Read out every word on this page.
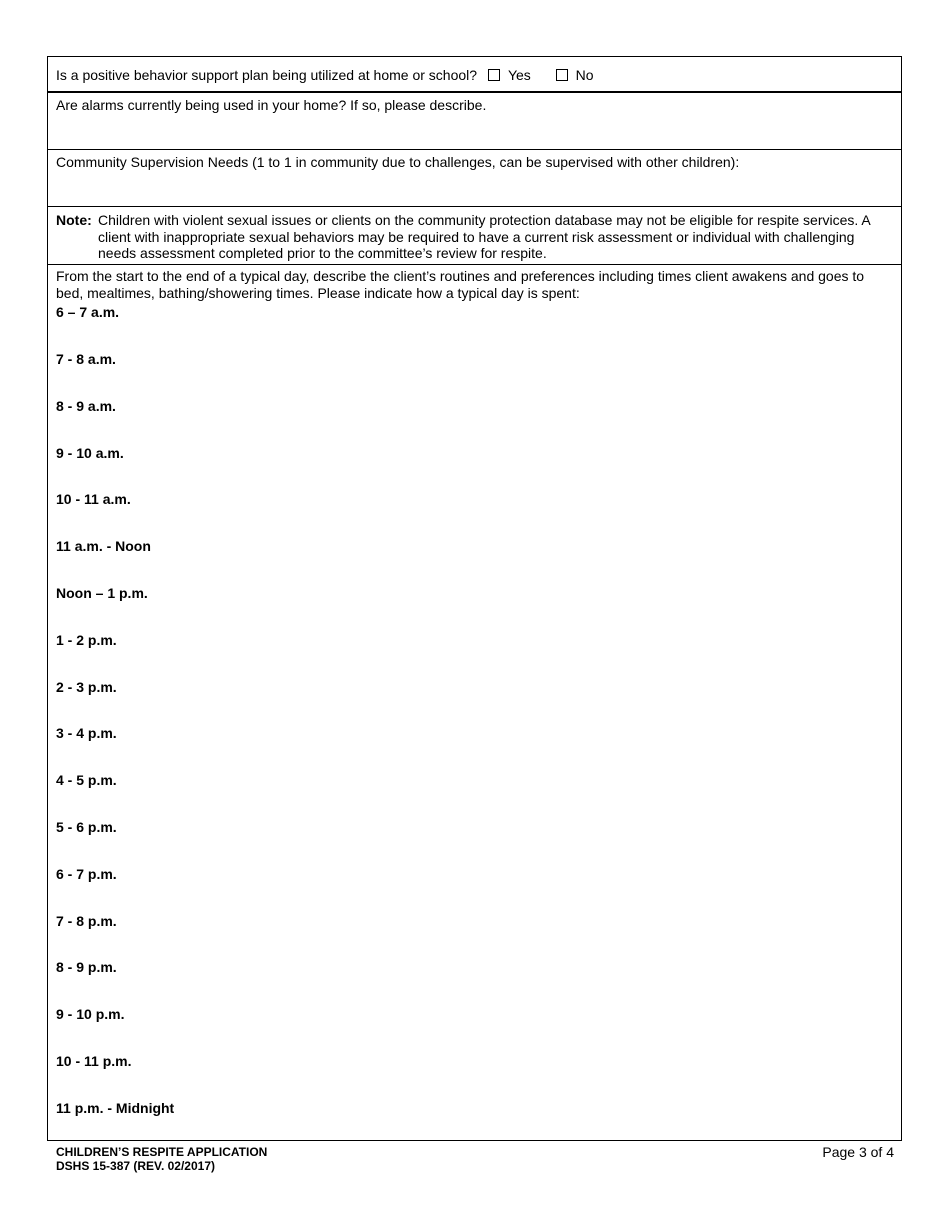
Is a positive behavior support plan being utilized at home or school? Yes	No
Are alarms currently being used in your home? If so, please describe.
Community Supervision Needs (1 to 1 in community due to challenges, can be supervised with other children):
Note: Children with violent sexual issues or clients on the community protection database may not be eligible for respite services. A client with inappropriate sexual behaviors may be required to have a current risk assessment or individual with challenging needs assessment completed prior to the committee’s review for respite.
From the start to the end of a typical day, describe the client’s routines and preferences including times client awakens and goes to bed, mealtimes, bathing/showering times. Please indicate how a typical day is spent:
6 – 7 a.m.
7 - 8 a.m.
8 - 9 a.m.
9 - 10 a.m.
10 - 11 a.m.
11 a.m. - Noon
Noon – 1 p.m.
1 - 2 p.m.
2 - 3 p.m.
3 - 4 p.m.
4 - 5 p.m.
5 - 6 p.m.
6 - 7 p.m.
7 - 8 p.m.
8 - 9 p.m.
9 - 10 p.m.
10 - 11 p.m.
11 p.m. - Midnight
CHILDREN’S RESPITE APPLICATION
DSHS 15-387 (REV. 02/2017)
Page 3 of 4
